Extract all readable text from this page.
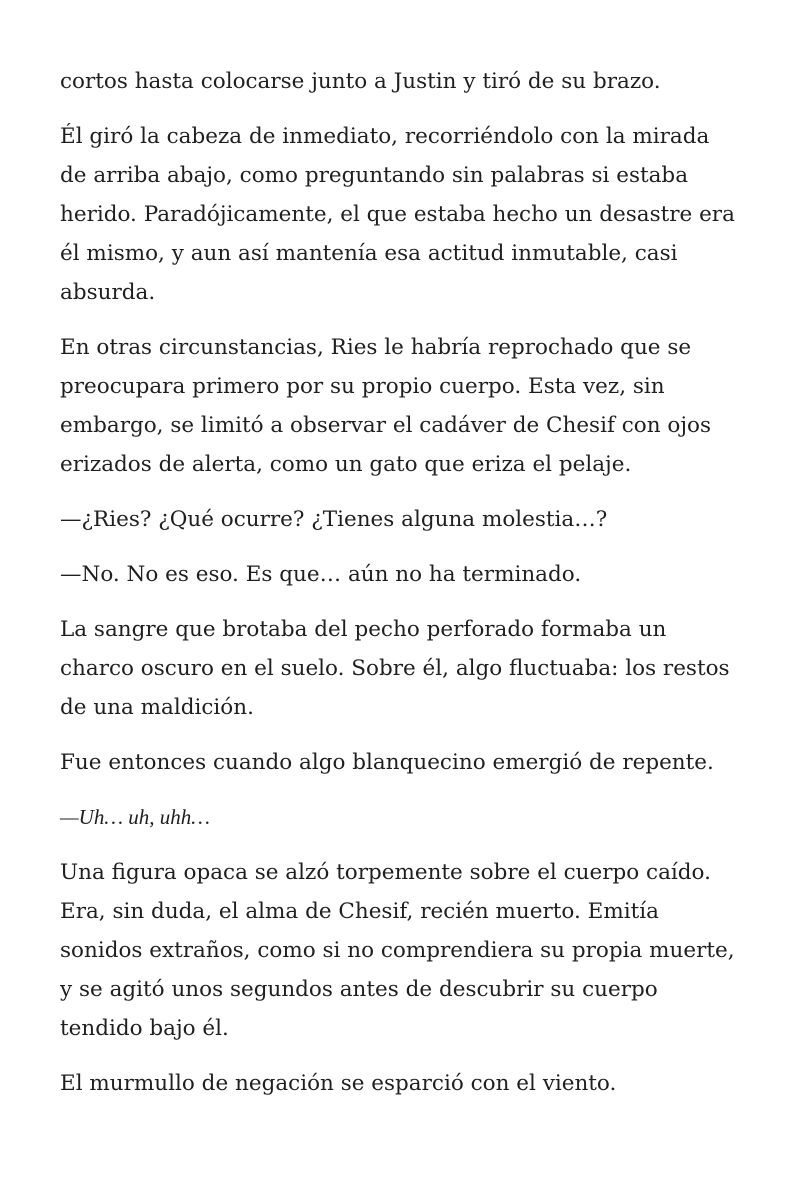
cortos hasta colocarse junto a Justin y tiró de su brazo.

Él giró la cabeza de inmediato, recorriéndolo con la mirada de arriba abajo, como preguntando sin palabras si estaba herido. Paradójicamente, el que estaba hecho un desastre era él mismo, y aun así mantenía esa actitud inmutable, casi absurda.

En otras circunstancias, Ries le habría reprochado que se preocupara primero por su propio cuerpo. Esta vez, sin embargo, se limitó a observar el cadáver de Chesif con ojos erizados de alerta, como un gato que eriza el pelaje.

—¿Ries? ¿Qué ocurre? ¿Tienes alguna molestia…?

—No. No es eso. Es que… aún no ha terminado.

La sangre que brotaba del pecho perforado formaba un charco oscuro en el suelo. Sobre él, algo fluctuaba: los restos de una maldición.

Fue entonces cuando algo blanquecino emergió de repente.

—Uh… uh, uhh…

Una figura opaca se alzó torpemente sobre el cuerpo caído. Era, sin duda, el alma de Chesif, recién muerto. Emitía sonidos extraños, como si no comprendiera su propia muerte, y se agitó unos segundos antes de descubrir su cuerpo tendido bajo él.

El murmullo de negación se esparció con el viento.
